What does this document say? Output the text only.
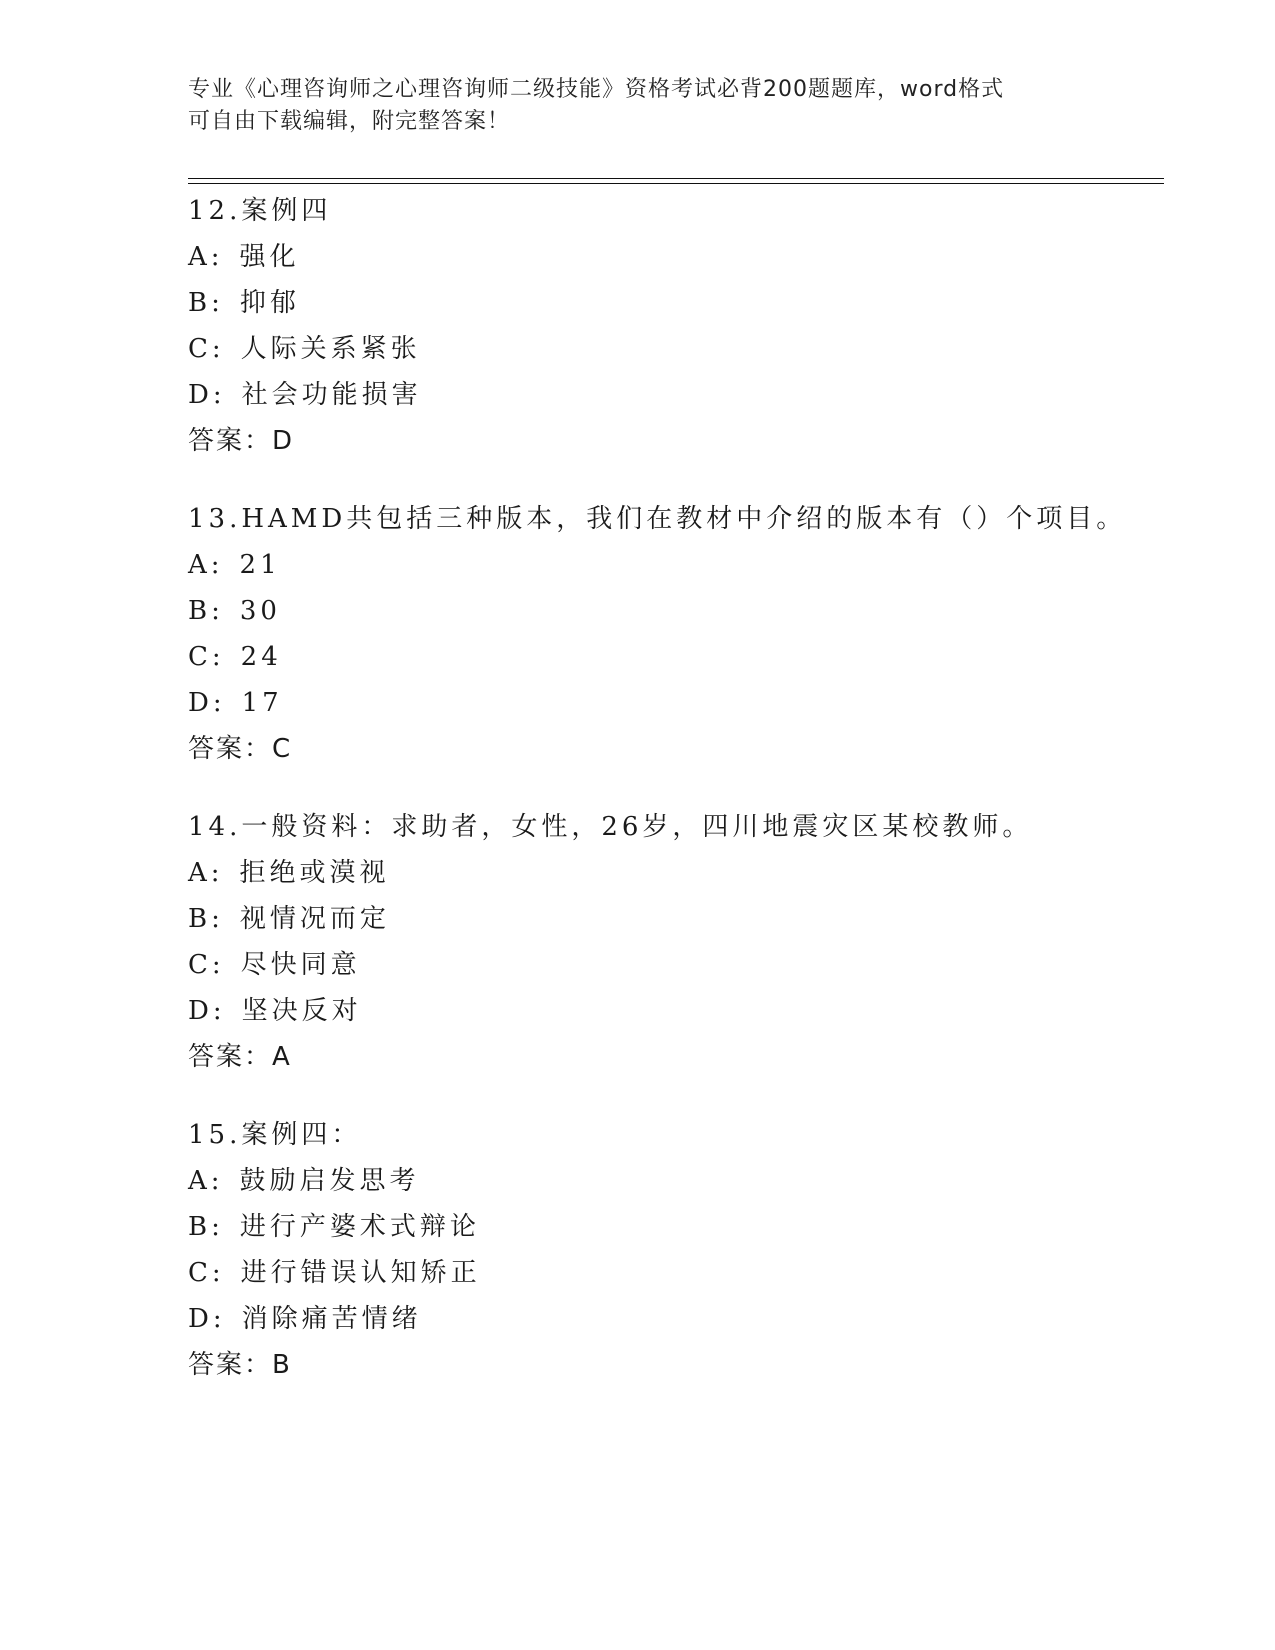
专业《心理咨询师之心理咨询师二级技能》资格考试必背200题题库，word格式

可自由下载编辑，附完整答案！

12.案例四
A: 强化
B: 抑郁
C: 人际关系紧张
D: 社会功能损害
答案：D
13.HAMD共包括三种版本，我们在教材中介绍的版本有（）个项目。
A: 21
B: 30
C: 24
D: 17
答案：C
14.一般资料：求助者，女性，26岁，四川地震灾区某校教师。
A: 拒绝或漠视
B: 视情况而定
C: 尽快同意
D: 坚决反对
答案：A
15.案例四：
A: 鼓励启发思考
B: 进行产婆术式辩论
C: 进行错误认知矫正
D: 消除痛苦情绪
答案：B
